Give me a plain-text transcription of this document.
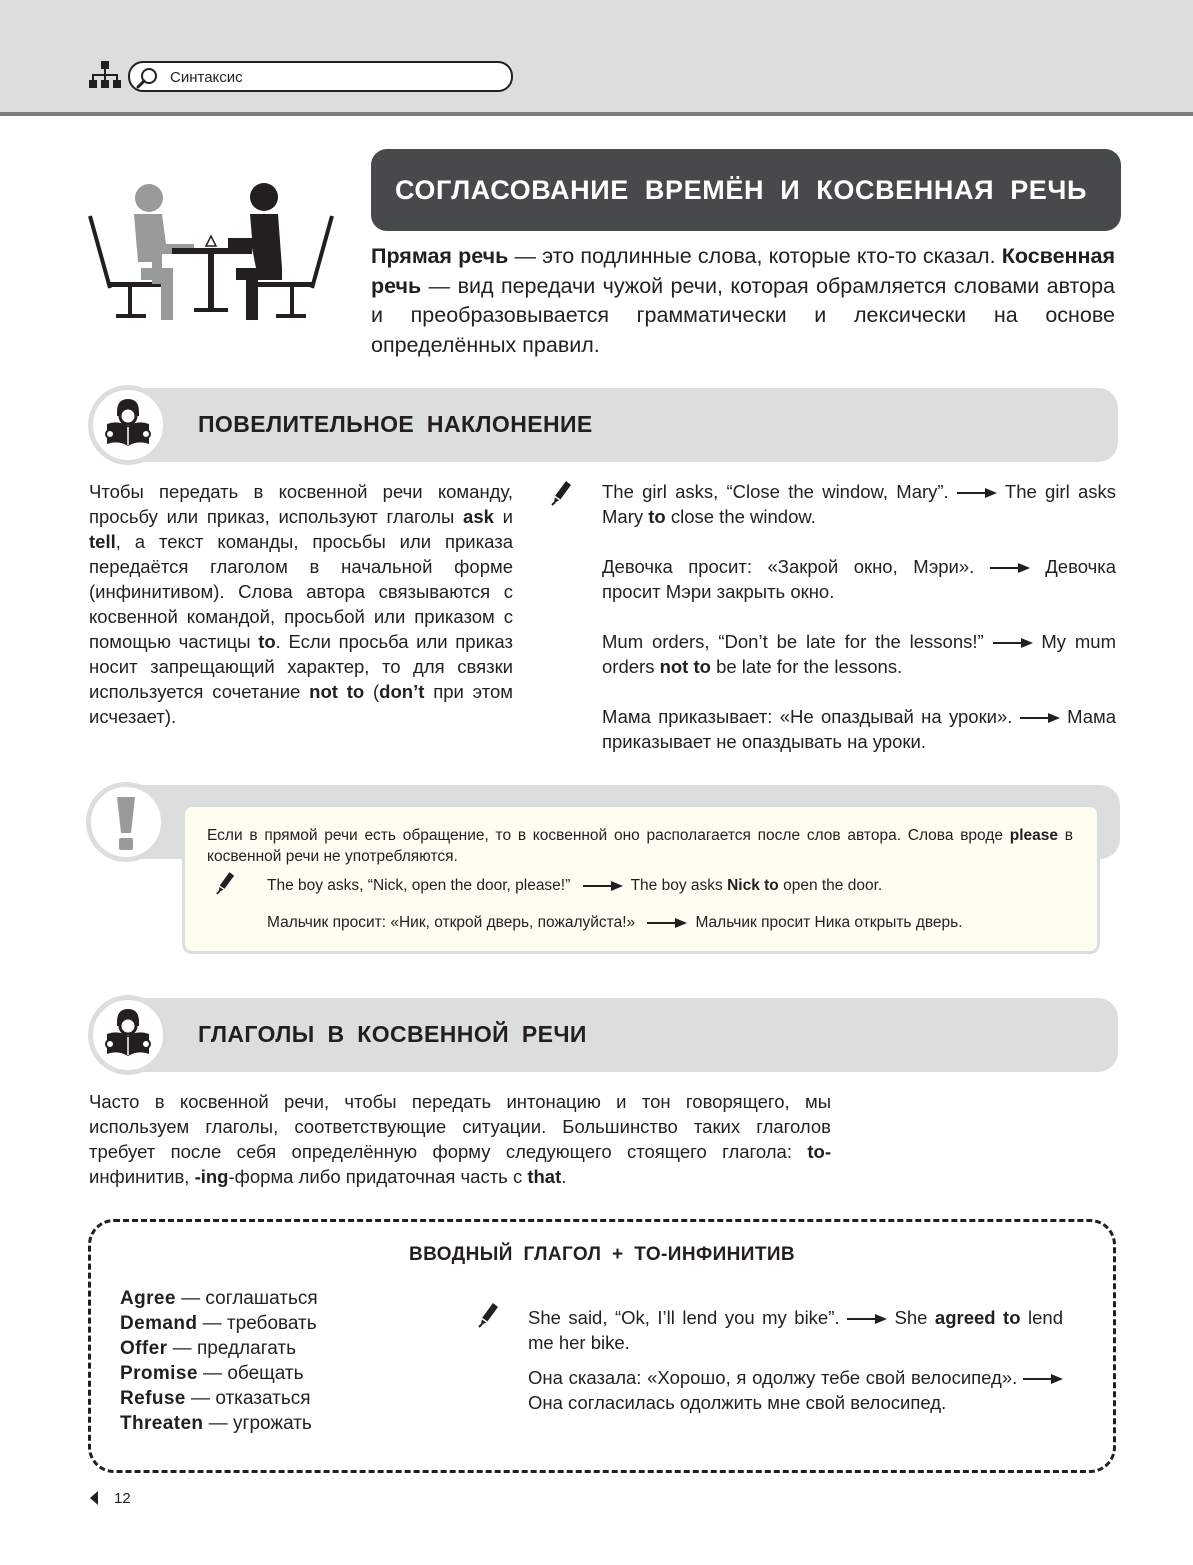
Синтаксис
СОГЛАСОВАНИЕ ВРЕМЁН И КОСВЕННАЯ РЕЧЬ
Прямая речь — это подлинные слова, которые кто-то сказал. Косвенная речь — вид передачи чужой речи, которая обрамляется словами автора и преобразовывается грамматически и лексически на основе определённых правил.
ПОВЕЛИТЕЛЬНОЕ НАКЛОНЕНИЕ
Чтобы передать в косвенной речи команду, просьбу или приказ, используют глаголы ask и tell, а текст команды, просьбы или приказа передаётся глаголом в начальной форме (инфинитивом). Слова автора связываются с косвенной командой, просьбой или приказом с помощью частицы to. Если просьба или приказ носит запрещающий характер, то для связки используется сочетание not to (don’t при этом исчезает).
The girl asks, “Close the window, Mary”.	The girl asks Mary to close the window.
Девочка просит: «Закрой окно, Мэри».	Девочка просит Мэри закрыть окно.
Mum orders, “Don’t be late for the lessons!”	My mum orders not to be late for the lessons.
Мама приказывает: «Не опаздывай на уроки».	Мама приказывает не опаздывать на уроки.
Если в прямой речи есть обращение, то в косвенной оно располагается после слов автора. Слова вроде please в косвенной речи не употребляются.
The boy asks, “Nick, open the door, please!”	The boy asks Nick to open the door.
Мальчик просит: «Ник, открой дверь, пожалуйста!»	Мальчик просит Ника открыть дверь.
ГЛАГОЛЫ В КОСВЕННОЙ РЕЧИ
Часто в косвенной речи, чтобы передать интонацию и тон говорящего, мы используем глаголы, соответствующие ситуации. Большинство таких глаголов требует после себя определённую форму следующего стоящего глагола: to-инфинитив, -ing-форма либо придаточная часть с that.
ВВОДНЫЙ ГЛАГОЛ + TO-ИНФИНИТИВ
Agree — соглашаться
Demand — требовать
Offer — предлагать
Promise — обещать
Refuse — отказаться
Threaten — угрожать
She said, “Ok, I’ll lend you my bike”.	She agreed to lend me her bike.
Она сказала: «Хорошо, я одолжу тебе свой велосипед».
Она согласилась одолжить мне свой велосипед.
12
